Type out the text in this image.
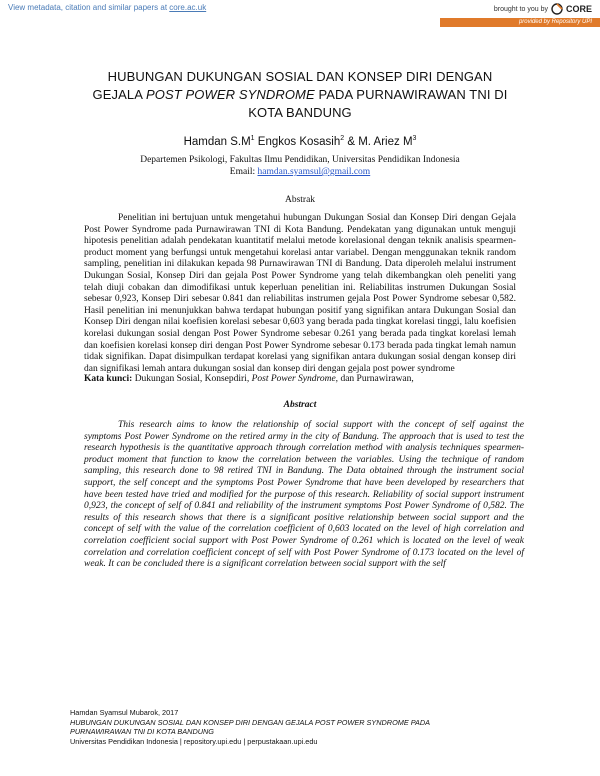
View metadata, citation and similar papers at core.ac.uk	brought to you by CORE
provided by Repository UPI
HUBUNGAN DUKUNGAN SOSIAL DAN KONSEP DIRI DENGAN
GEJALA POST POWER SYNDROME PADA PURNAWIRAWAN TNI DI
KOTA BANDUNG
Hamdan $S.M^1$ Engkos Kosasih$^2$ & M. Ariez $M^3$
Departemen Psikologi, Fakultas Ilmu Pendidikan, Universitas Pendidikan Indonesia
Email: hamdan.syamsul@gmail.com
Abstrak
Penelitian ini bertujuan untuk mengetahui hubungan Dukungan Sosial dan Konsep Diri dengan Gejala Post Power Syndrome pada Purnawirawan TNI di Kota Bandung. Pendekatan yang digunakan untuk menguji hipotesis penelitian adalah pendekatan kuantitatif melalui metode korelasional dengan teknik analisis spearmen-product moment yang berfungsi untuk mengetahui korelasi antar variabel. Dengan menggunakan teknik random sampling, penelitian ini dilakukan kepada 98 Purnawirawan TNI di Bandung. Data diperoleh melalui instrument Dukungan Sosial, Konsep Diri dan gejala Post Power Syndrome yang telah dikembangkan oleh peneliti yang telah diuji cobakan dan dimodifikasi untuk keperluan penelitian ini. Reliabilitas instrumen Dukungan Sosial sebesar 0,923, Konsep Diri sebesar 0.841 dan reliabilitas instrumen gejala Post Power Syndrome sebesar 0,582. Hasil penelitian ini menunjukkan bahwa terdapat hubungan positif yang signifikan antara Dukungan Sosial dan Konsep Diri dengan nilai koefisien korelasi sebesar 0,603 yang berada pada tingkat korelasi tinggi, lalu koefisien korelasi dukungan sosial dengan Post Power Syndrome sebesar 0.261 yang berada pada tingkat korelasi lemah dan koefisien korelasi konsep diri dengan Post Power Syndrome sebesar 0.173 berada pada tingkat lemah namun tidak signifikan. Dapat disimpulkan terdapat korelasi yang signifikan antara dukungan sosial dengan konsep diri dan signifikasi lemah antara dukungan sosial dan konsep diri dengan gejala post power syndrome
Kata kunci: Dukungan Sosial, Konsepdiri, Post Power Syndrome, dan Purnawirawan,
Abstract
This research aims to know the relationship of social support with the concept of self against the symptoms Post Power Syndrome on the retired army in the city of Bandung. The approach that is used to test the research hypothesis is the quantitative approach through correlation method with analysis techniques spearmen-product moment that function to know the correlation between the variables. Using the technique of random sampling, this research done to 98 retired TNI in Bandung. The Data obtained through the instrument social support, the self concept and the symptoms Post Power Syndrome that have been developed by researchers that have been tested have tried and modified for the purpose of this research. Reliability of social support instrument 0,923, the concept of self of 0.841 and reliability of the instrument symptoms Post Power Syndrome of 0,582. The results of this research shows that there is a significant positive relationship between social support and the concept of self with the value of the correlation coefficient of 0,603 located on the level of high correlation and correlation coefficient social support with Post Power Syndrome of 0.261 which is located on the level of weak correlation and correlation coefficient concept of self with Post Power Syndrome of 0.173 located on the level of weak. It can be concluded there is a significant correlation between social support with the self
Hamdan Syamsul Mubarok, 2017
HUBUNGAN DUKUNGAN SOSIAL DAN KONSEP DIRI DENGAN GEJALA POST POWER SYNDROME PADA
PURNAWIRAWAN TNI DI KOTA BANDUNG
Universitas Pendidikan Indonesia | repository.upi.edu | perpustakaan.upi.edu
